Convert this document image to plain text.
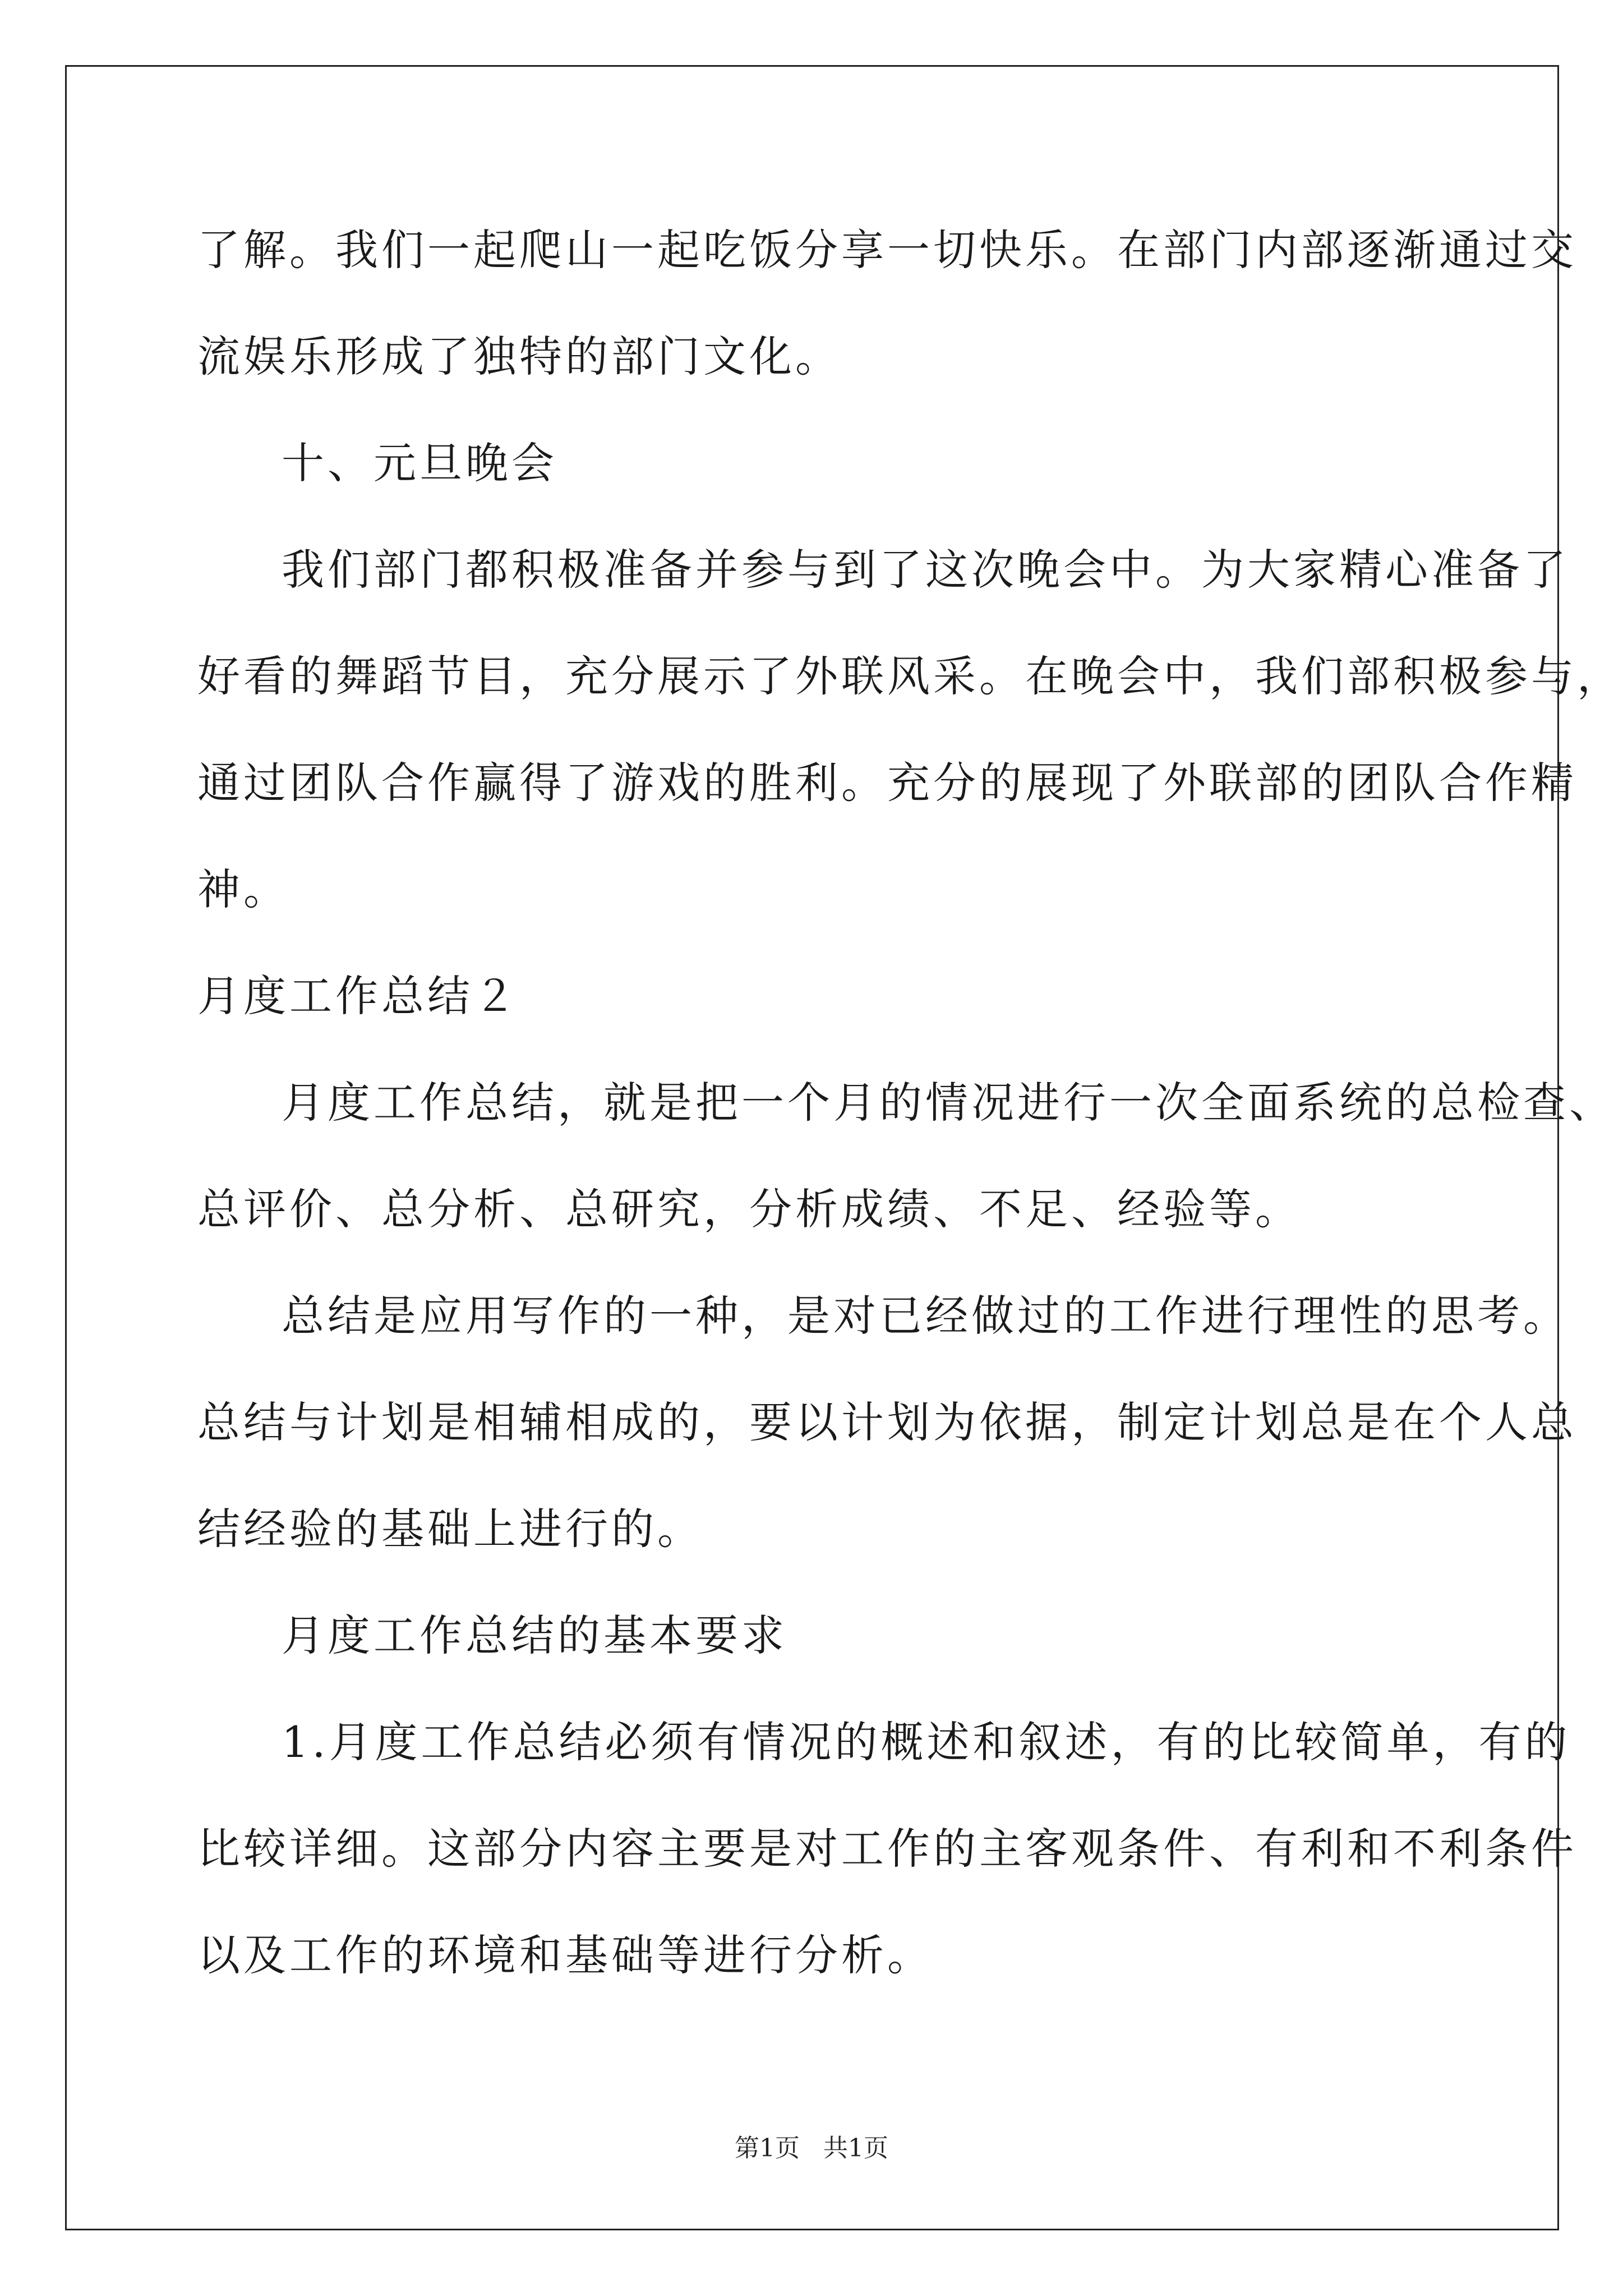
了解。我们一起爬山一起吃饭分享一切快乐。在部门内部逐渐通过交
流娱乐形成了独特的部门文化。
十、元旦晚会
我们部门都积极准备并参与到了这次晚会中。为大家精心准备了
好看的舞蹈节目，充分展示了外联风采。在晚会中，我们部积极参与，
通过团队合作赢得了游戏的胜利。充分的展现了外联部的团队合作精
神。
月度工作总结２
月度工作总结，就是把一个月的情况进行一次全面系统的总检查、
总评价、总分析、总研究，分析成绩、不足、经验等。
总结是应用写作的一种，是对已经做过的工作进行理性的思考。
总结与计划是相辅相成的，要以计划为依据，制定计划总是在个人总
结经验的基础上进行的。
月度工作总结的基本要求
1.月度工作总结必须有情况的概述和叙述，有的比较简单，有的
比较详细。这部分内容主要是对工作的主客观条件、有利和不利条件
以及工作的环境和基础等进行分析。
第1页 共1页
